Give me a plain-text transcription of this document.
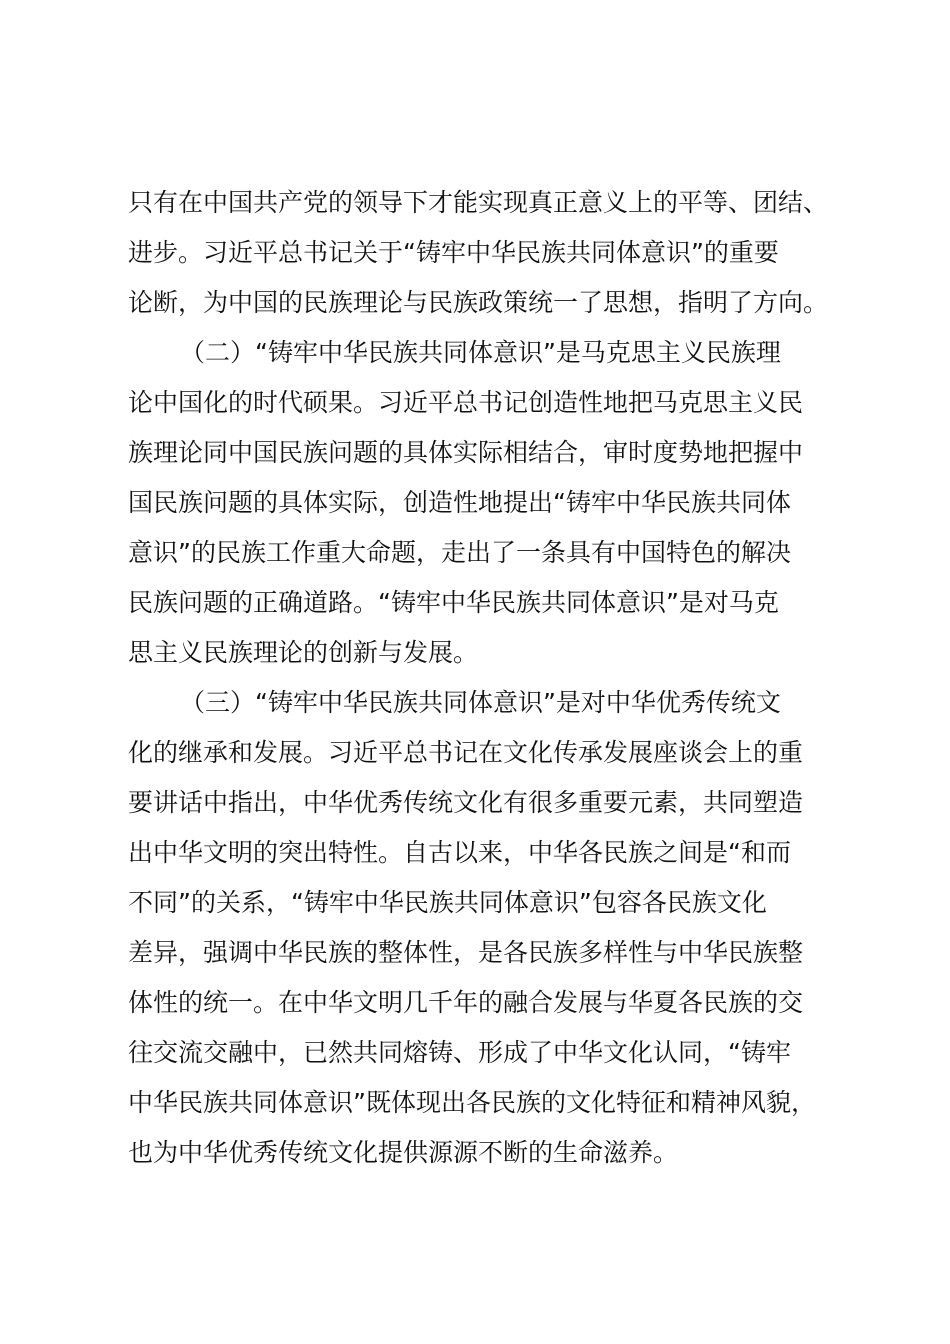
只有在中国共产党的领导下才能实现真正意义上的平等、团结、
进步。习近平总书记关于“铸牢中华民族共同体意识”的重要
论断，为中国的民族理论与民族政策统一了思想，指明了方向。
（二）“铸牢中华民族共同体意识”是马克思主义民族理
论中国化的时代硕果。习近平总书记创造性地把马克思主义民
族理论同中国民族问题的具体实际相结合，审时度势地把握中
国民族问题的具体实际，创造性地提出“铸牢中华民族共同体
意识”的民族工作重大命题，走出了一条具有中国特色的解决
民族问题的正确道路。“铸牢中华民族共同体意识”是对马克
思主义民族理论的创新与发展。
（三）“铸牢中华民族共同体意识”是对中华优秀传统文
化的继承和发展。习近平总书记在文化传承发展座谈会上的重
要讲话中指出，中华优秀传统文化有很多重要元素，共同塑造
出中华文明的突出特性。自古以来，中华各民族之间是“和而
不同”的关系，“铸牢中华民族共同体意识”包容各民族文化
差异，强调中华民族的整体性，是各民族多样性与中华民族整
体性的统一。在中华文明几千年的融合发展与华夏各民族的交
往交流交融中，已然共同熔铸、形成了中华文化认同，“铸牢
中华民族共同体意识”既体现出各民族的文化特征和精神风貌，
也为中华优秀传统文化提供源源不断的生命滋养。
